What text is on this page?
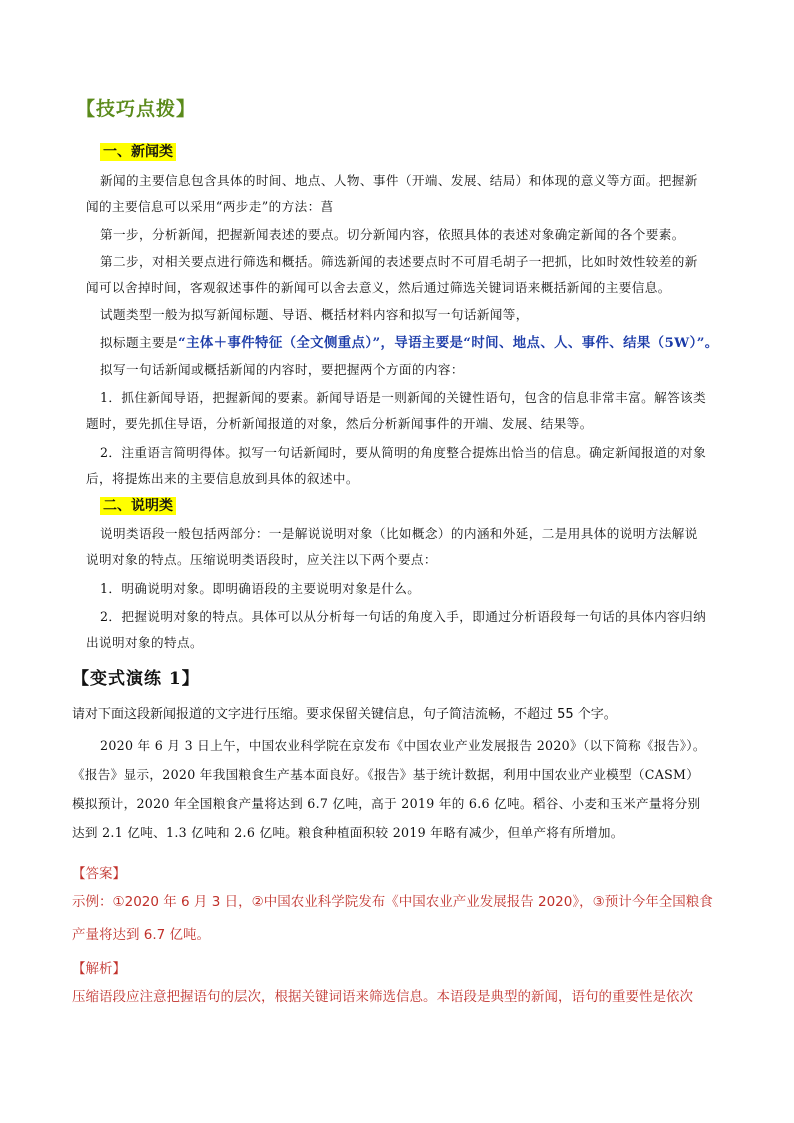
【技巧点拨】
一、新闻类
新闻的主要信息包含具体的时间、地点、人物、事件（开端、发展、结局）和体现的意义等方面。把握新
闻的主要信息可以采用“两步走”的方法：菖
第一步，分析新闻，把握新闻表述的要点。切分新闻内容，依照具体的表述对象确定新闻的各个要素。
第二步，对相关要点进行筛选和概括。筛选新闻的表述要点时不可眉毛胡子一把抓，比如时效性较差的新
闻可以舍掉时间，客观叙述事件的新闻可以舍去意义，然后通过筛选关键词语来概括新闻的主要信息。
试题类型一般为拟写新闻标题、导语、概括材料内容和拟写一句话新闻等，
拟标题主要是“主体＋事件特征（全文侧重点）”，导语主要是“时间、地点、人、事件、结果（5W）”。
拟写一句话新闻或概括新闻的内容时，要把握两个方面的内容：
1．抓住新闻导语，把握新闻的要素。新闻导语是一则新闻的关键性语句，包含的信息非常丰富。解答该类
题时，要先抓住导语，分析新闻报道的对象，然后分析新闻事件的开端、发展、结果等。
2．注重语言简明得体。拟写一句话新闻时，要从简明的角度整合提炼出恰当的信息。确定新闻报道的对象
后，将提炼出来的主要信息放到具体的叙述中。
二、说明类
说明类语段一般包括两部分：一是解说说明对象（比如概念）的内涵和外延，二是用具体的说明方法解说
说明对象的特点。压缩说明类语段时，应关注以下两个要点：
1．明确说明对象。即明确语段的主要说明对象是什么。
2．把握说明对象的特点。具体可以从分析每一句话的角度入手，即通过分析语段每一句话的具体内容归纳
出说明对象的特点。
【变式演练 1】
请对下面这段新闻报道的文字进行压缩。要求保留关键信息，句子简洁流畅，不超过 55 个字。
2020 年 6 月 3 日上午，中国农业科学院在京发布《中国农业产业发展报告 2020》（以下简称《报告》）。
《报告》显示，2020 年我国粮食生产基本面良好。《报告》基于统计数据，利用中国农业产业模型（CASM）
模拟预计，2020 年全国粮食产量将达到 6.7 亿吨，高于 2019 年的 6.6 亿吨。稻谷、小麦和玉米产量将分别
达到 2.1 亿吨、1.3 亿吨和 2.6 亿吨。粮食种植面积较 2019 年略有减少，但单产将有所增加。
【答案】
示例：①2020 年 6 月 3 日，②中国农业科学院发布《中国农业产业发展报告 2020》，③预计今年全国粮食
产量将达到 6.7 亿吨。
【解析】
压缩语段应注意把握语句的层次，根据关键词语来筛选信息。本语段是典型的新闻，语句的重要性是依次
